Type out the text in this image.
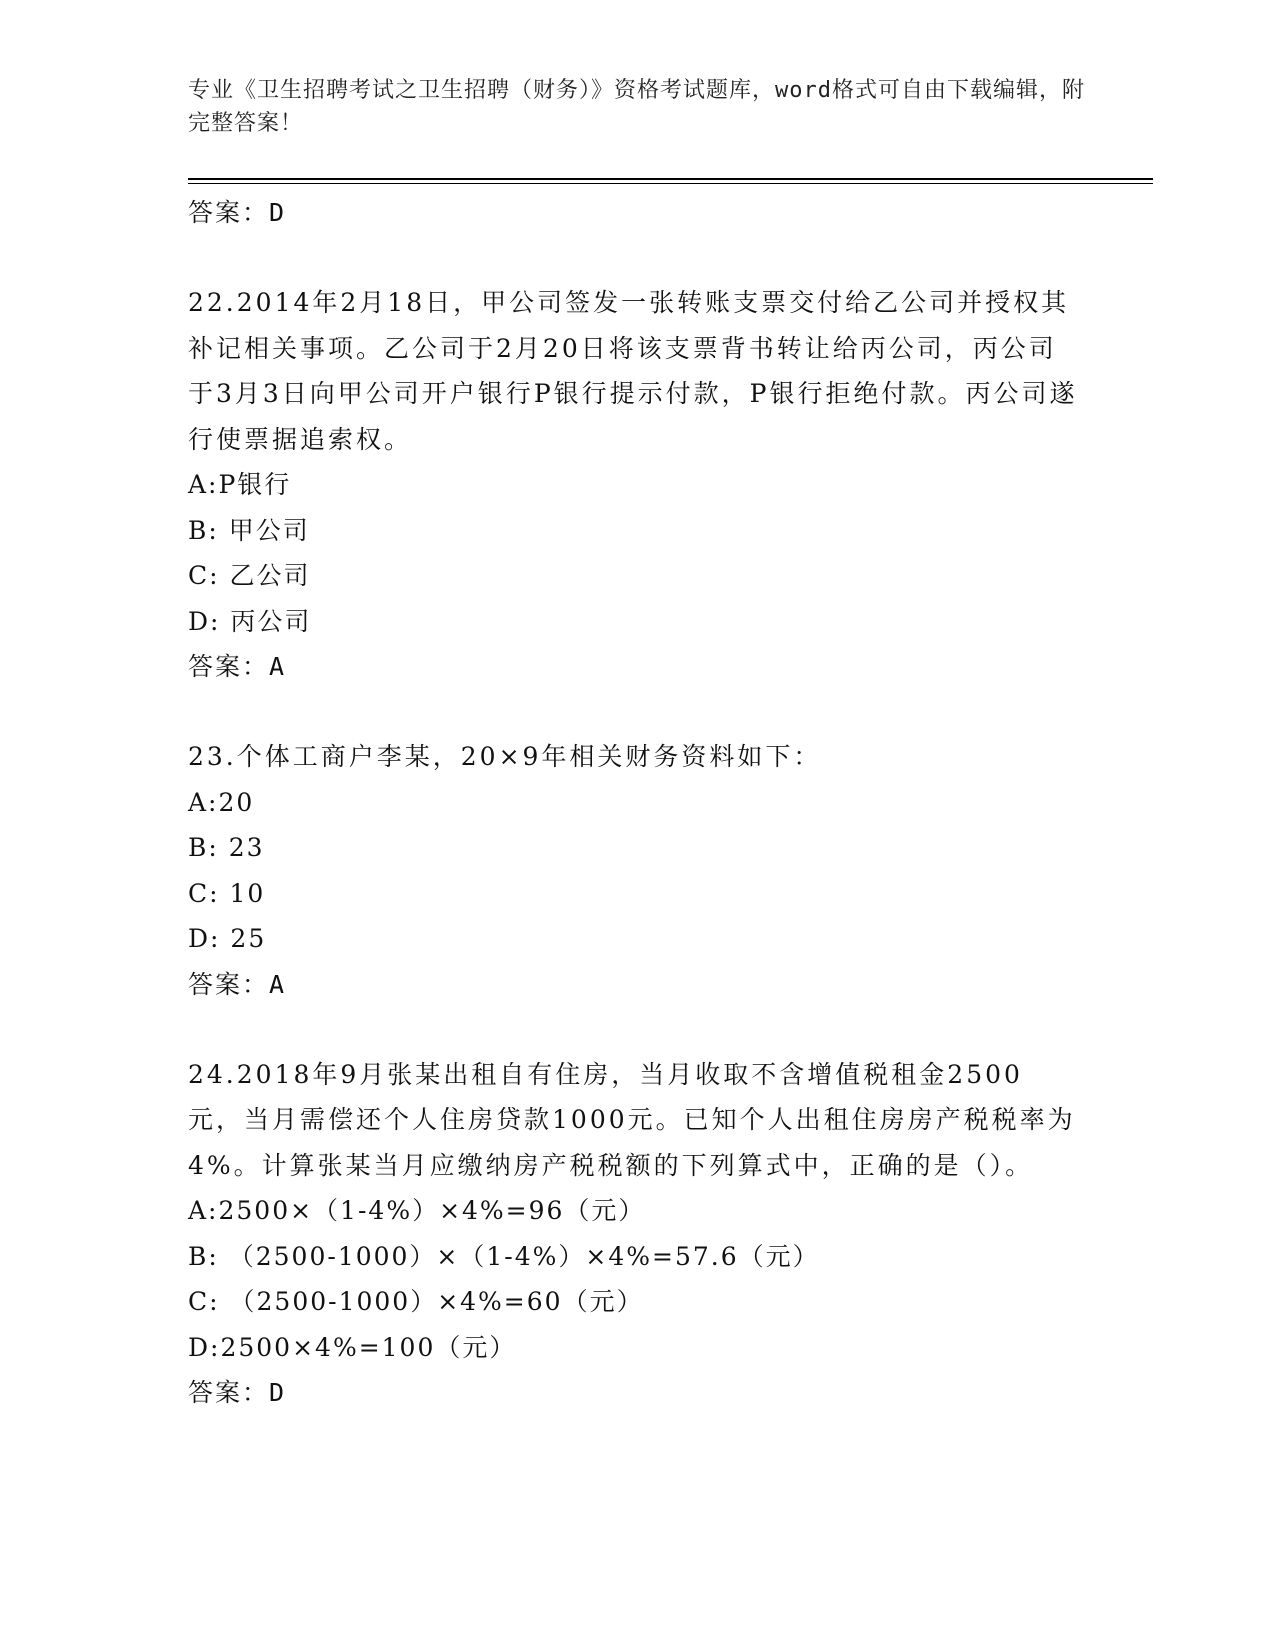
专业《卫生招聘考试之卫生招聘（财务）》资格考试题库，word格式可自由下载编辑，附完整答案！
答案：D
22.2014年2月18日，甲公司签发一张转账支票交付给乙公司并授权其补记相关事项。乙公司于2月20日将该支票背书转让给丙公司，丙公司于3月3日向甲公司开户银行P银行提示付款，P银行拒绝付款。丙公司遂行使票据追索权。
A:P银行
B: 甲公司
C: 乙公司
D: 丙公司
答案：A
23.个体工商户李某，20×9年相关财务资料如下：
A:20
B: 23
C: 10
D: 25
答案：A
24.2018年9月张某出租自有住房，当月收取不含增值税租金2500元，当月需偿还个人住房贷款1000元。已知个人出租住房房产税税率为4%。计算张某当月应缴纳房产税税额的下列算式中，正确的是（）。
A:2500×（1-4%）×4%=96（元）
B: （2500-1000）×（1-4%）×4%=57.6（元）
C: （2500-1000）×4%=60（元）
D:2500×4%=100（元）
答案：D
